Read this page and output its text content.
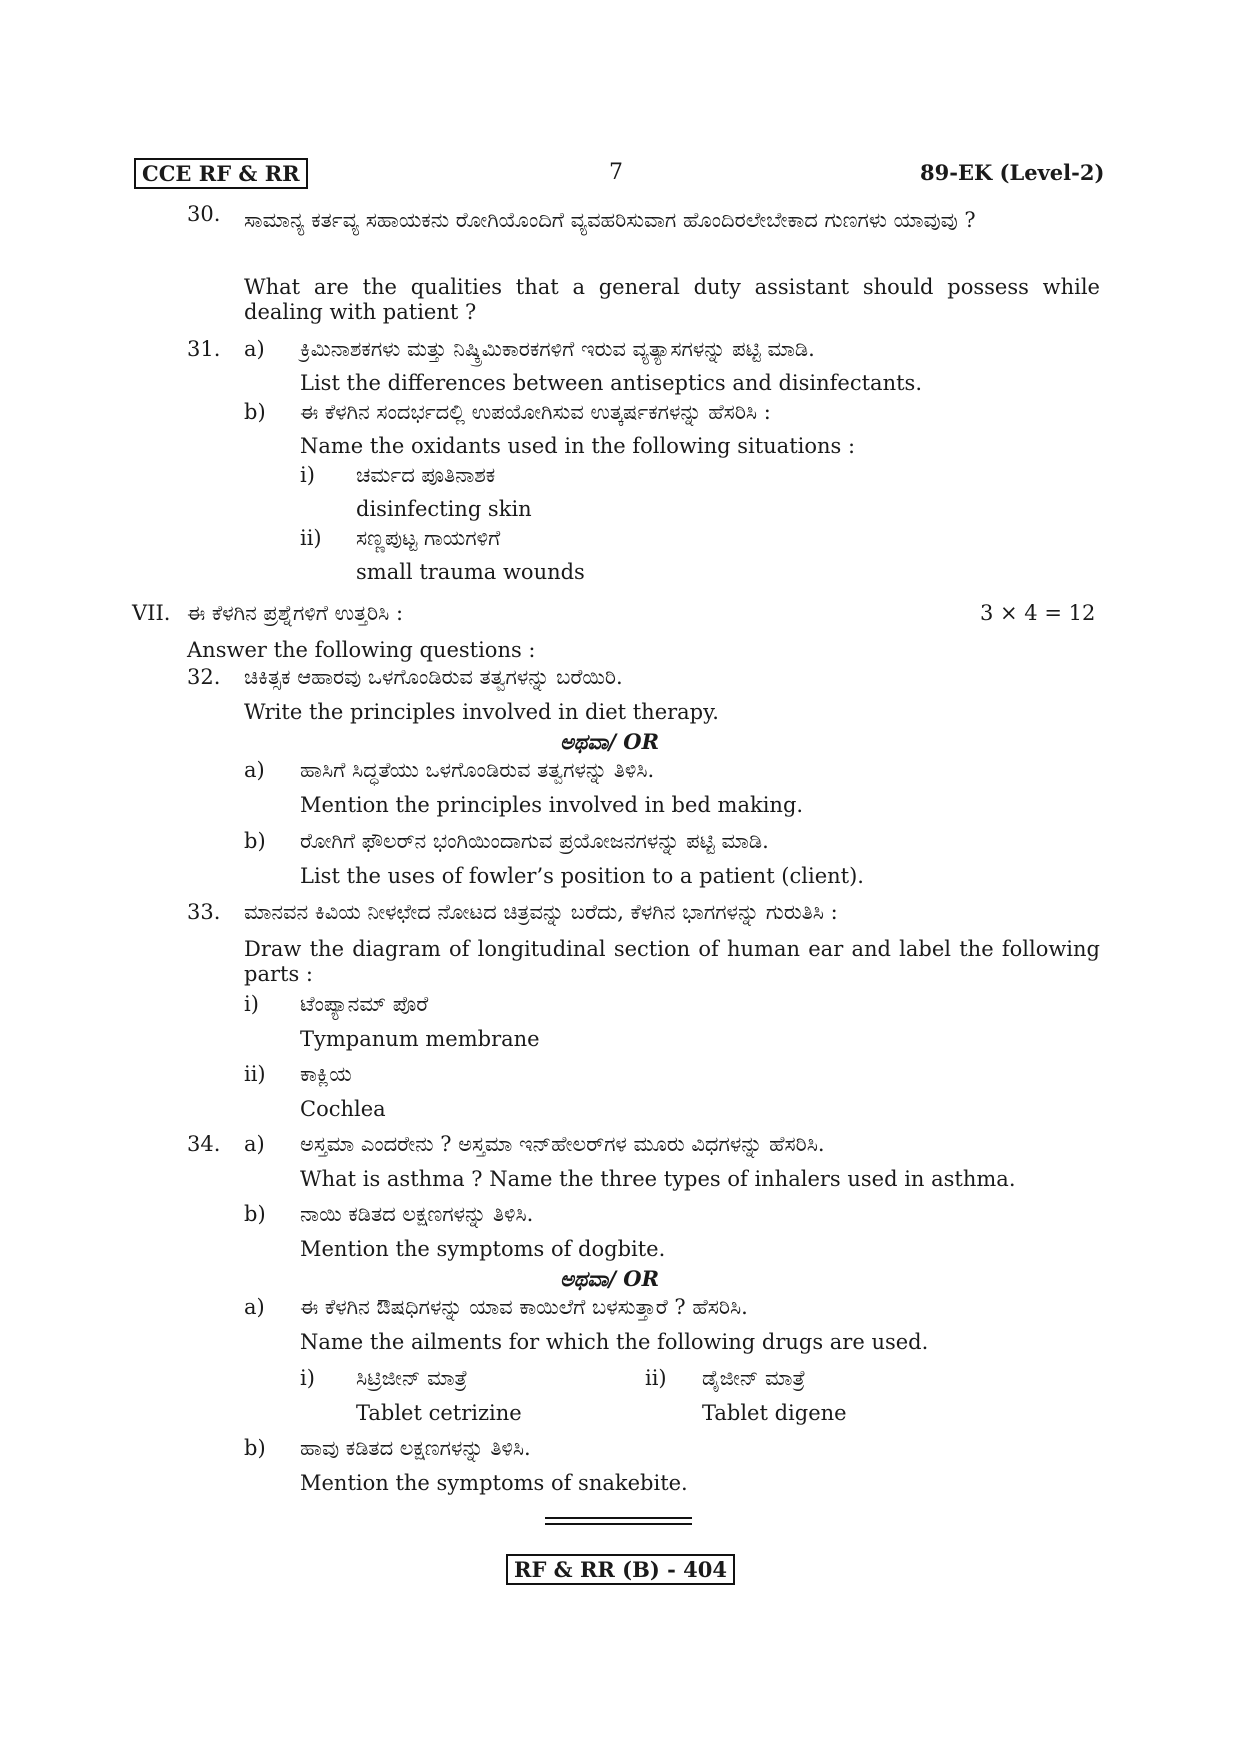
CCE RF & RR	7	89-EK (Level-2)
30. ಸಾಮಾನ್ಯ ಕರ್ತವ್ಯ ಸಹಾಯಕನು ರೋಗಿಯೊಂದಿಗೆ ವ್ಯವಹರಿಸುವಾಗ ಹೊಂದಿರಲೇಬೇಕಾದ ಗುಣಗಳು ಯಾವುವು ?
What are the qualities that a general duty assistant should possess while dealing with patient ?
31. a) ಕ್ರಿಮಿನಾಶಕಗಳು ಮತ್ತು ನಿಷ್ಕ್ರಿಮಿಕಾರಕಗಳಿಗೆ ಇರುವ ವ್ಯತ್ಯಾಸಗಳನ್ನು ಪಟ್ಟಿ ಮಾಡಿ.
List the differences between antiseptics and disinfectants.
b) ಈ ಕೆಳಗಿನ ಸಂದರ್ಭದಲ್ಲಿ ಉಪಯೋಗಿಸುವ ಉತ್ಕರ್ಷಕಗಳನ್ನು ಹೆಸರಿಸಿ :
Name the oxidants used in the following situations :
i) ಚರ್ಮದ ಪೂತಿನಾಶಕ
disinfecting skin
ii) ಸಣ್ಣಪುಟ್ಟ ಗಾಯಗಳಿಗೆ
small trauma wounds
VII. ಈ ಕೆಳಗಿನ ಪ್ರಶ್ನೆಗಳಿಗೆ ಉತ್ತರಿಸಿ :	3 × 4 = 12
Answer the following questions :
32. ಚಿಕಿತ್ಸಕ ಆಹಾರವು ಒಳಗೊಂಡಿರುವ ತತ್ವಗಳನ್ನು ಬರೆಯಿರಿ.
Write the principles involved in diet therapy.
ಅಥವಾ/ OR
a) ಹಾಸಿಗೆ ಸಿದ್ಧತೆಯು ಒಳಗೊಂಡಿರುವ ತತ್ವಗಳನ್ನು ತಿಳಿಸಿ.
Mention the principles involved in bed making.
b) ರೋಗಿಗೆ ಫೌಲರ್‌ನ ಭಂಗಿಯಿಂದಾಗುವ ಪ್ರಯೋಜನಗಳನ್ನು ಪಟ್ಟಿ ಮಾಡಿ.
List the uses of fowler’s position to a patient (client).
33. ಮಾನವನ ಕಿವಿಯ ನೀಳಛೇದ ನೋಟದ ಚಿತ್ರವನ್ನು ಬರೆದು, ಕೆಳಗಿನ ಭಾಗಗಳನ್ನು ಗುರುತಿಸಿ :
Draw the diagram of longitudinal section of human ear and label the following parts :
i) ಟೆಂಪ್ಯಾನಮ್ ಪೊರೆ
Tympanum membrane
ii) ಕಾಕ್ಲಿಯ
Cochlea
34. a) ಅಸ್ತಮಾ ಎಂದರೇನು ? ಅಸ್ತಮಾ ಇನ್‌ಹೇಲರ್‌ಗಳ ಮೂರು ವಿಧಗಳನ್ನು ಹೆಸರಿಸಿ.
What is asthma ? Name the three types of inhalers used in asthma.
b) ನಾಯಿ ಕಡಿತದ ಲಕ್ಷಣಗಳನ್ನು ತಿಳಿಸಿ.
Mention the symptoms of dogbite.
ಅಥವಾ/ OR
a) ಈ ಕೆಳಗಿನ ಔಷಧಿಗಳನ್ನು ಯಾವ ಕಾಯಿಲೆಗೆ ಬಳಸುತ್ತಾರೆ ? ಹೆಸರಿಸಿ.
Name the ailments for which the following drugs are used.
i) ಸಿಟ್ರಿಜೀನ್ ಮಾತ್ರೆ
Tablet cetrizine
ii) ಡೈಜೀನ್ ಮಾತ್ರೆ
Tablet digene
b) ಹಾವು ಕಡಿತದ ಲಕ್ಷಣಗಳನ್ನು ತಿಳಿಸಿ.
Mention the symptoms of snakebite.
RF & RR (B) - 404
